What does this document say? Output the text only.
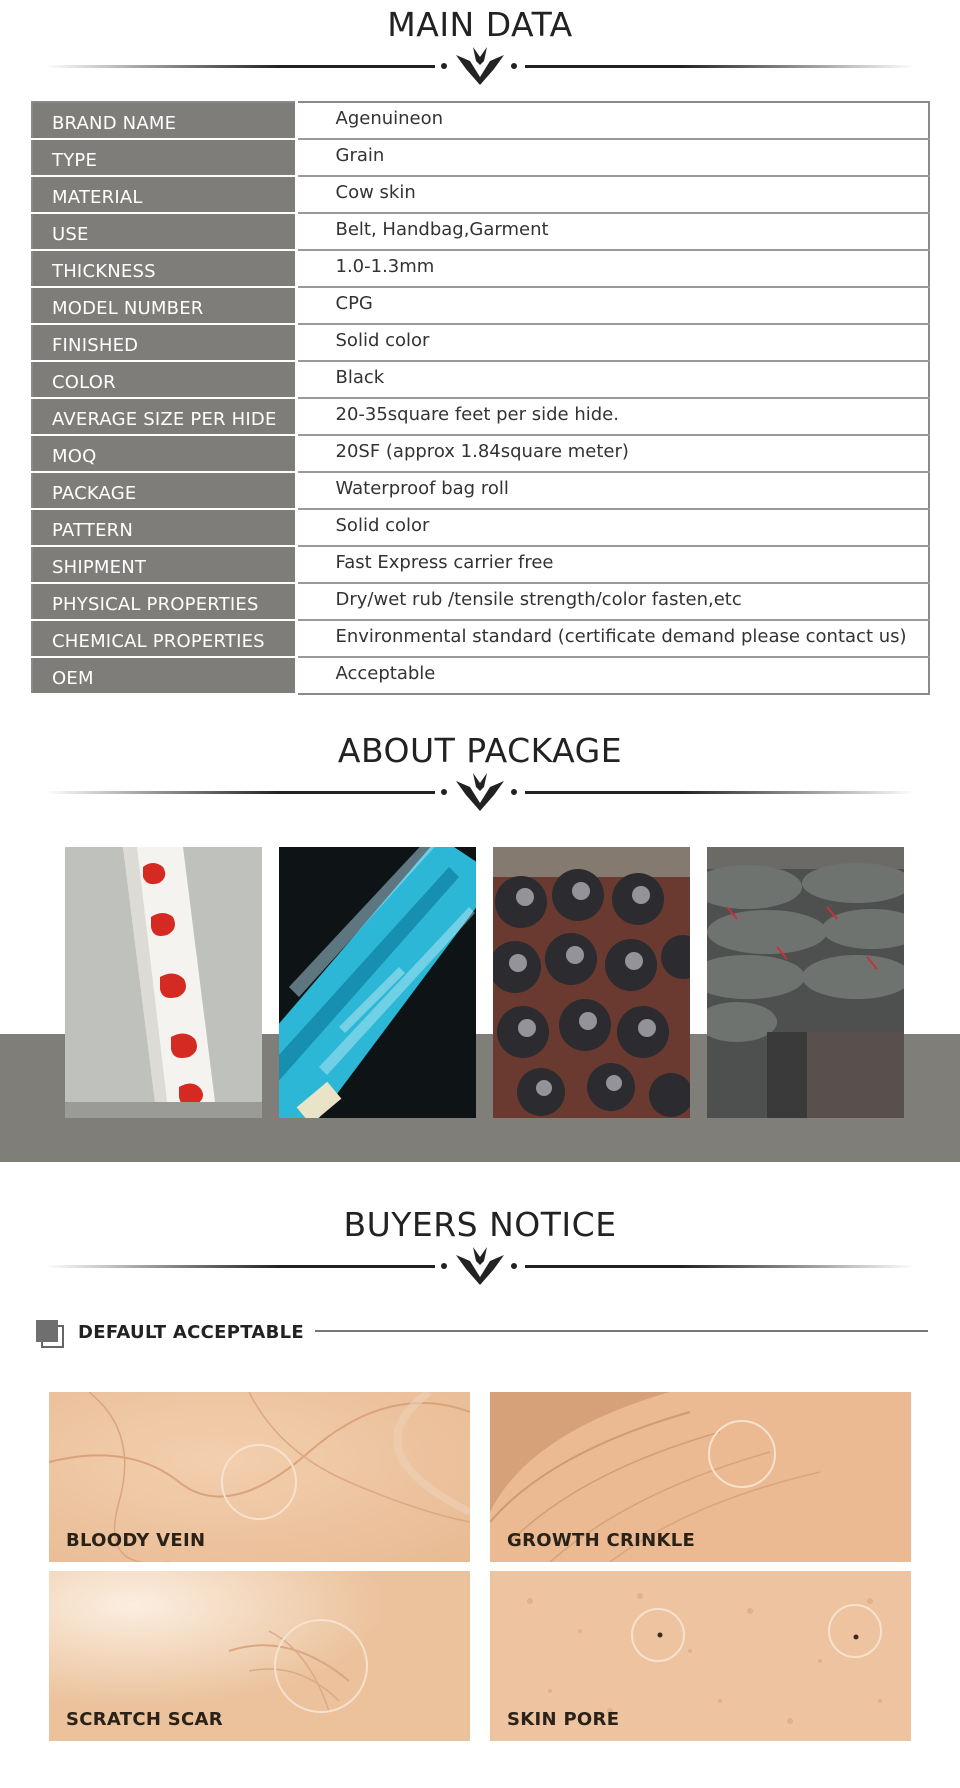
MAIN DATA
BRAND NAME	Agenuineon
TYPE	Grain
MATERIAL	Cow skin
USE	Belt, Handbag,Garment
THICKNESS	1.0-1.3mm
MODEL NUMBER	CPG
FINISHED	Solid color
COLOR	Black
AVERAGE SIZE PER HIDE	20-35square feet per side hide.
MOQ	20SF (approx 1.84square meter)
PACKAGE	Waterproof bag roll
PATTERN	Solid color
SHIPMENT	Fast Express carrier free
PHYSICAL PROPERTIES	Dry/wet rub /tensile strength/color fasten,etc
CHEMICAL PROPERTIES	Environmental standard (certificate demand please contact us)
OEM	Acceptable
ABOUT PACKAGE
BUYERS NOTICE
DEFAULT ACCEPTABLE
BLOODY VEIN	GROWTH CRINKLE
SCRATCH SCAR	SKIN PORE
